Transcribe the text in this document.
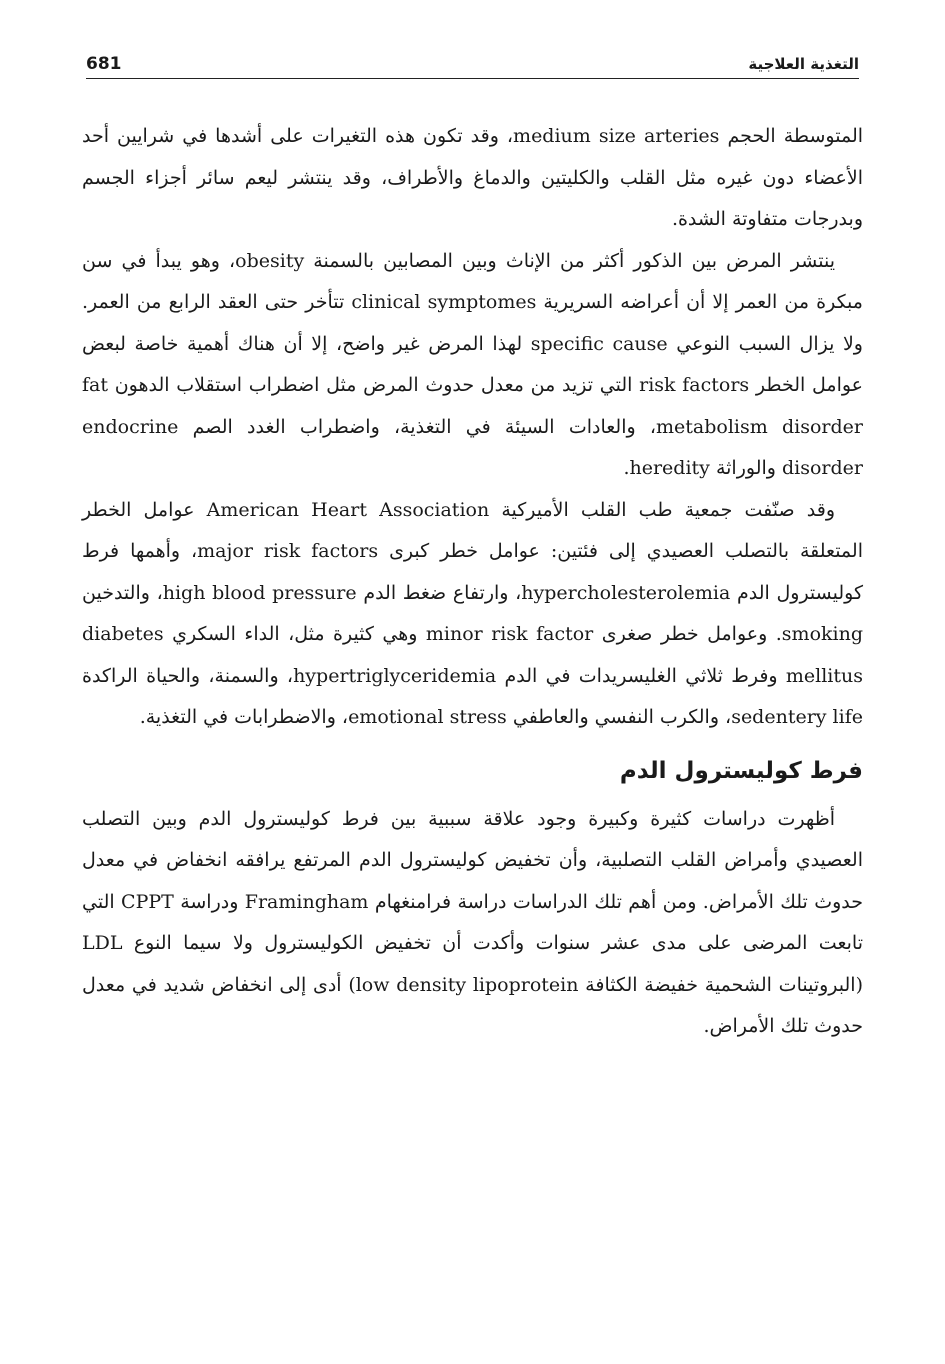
681	التغذية العلاجية

المتوسطة الحجم medium size arteries، وقد تكون هذه التغيرات على أشدها في شرايين أحد الأعضاء دون غيره مثل القلب والكليتين والدماغ والأطراف، وقد ينتشر ليعم سائر أجزاء الجسم وبدرجات متفاوتة الشدة.

ينتشر المرض بين الذكور أكثر من الإناث وبين المصابين بالسمنة obesity، وهو يبدأ في سن مبكرة من العمر إلا أن أعراضه السريرية clinical symptomes تتأخر حتى العقد الرابع من العمر. ولا يزال السبب النوعي specific cause لهذا المرض غير واضح، إلا أن هناك أهمية خاصة لبعض عوامل الخطر risk factors التي تزيد من معدل حدوث المرض مثل اضطراب استقلاب الدهون fat metabolism disorder، والعادات السيئة في التغذية، واضطراب الغدد الصم endocrine disorder والوراثة heredity.

وقد صنّفت جمعية طب القلب الأميركية American Heart Association عوامل الخطر المتعلقة بالتصلب العصيدي إلى فئتين: عوامل خطر كبرى major risk factors، وأهمها فرط كوليسترول الدم hypercholesterolemia، وارتفاع ضغط الدم high blood pressure، والتدخين smoking. وعوامل خطر صغرى minor risk factor وهي كثيرة مثل، الداء السكري diabetes mellitus وفرط ثلاثي الغليسريدات في الدم hypertriglyceridemia، والسمنة، والحياة الراكدة sedentery life، والكرب النفسي والعاطفي emotional stress، والاضطرابات في التغذية.

فرط كوليسترول الدم

أظهرت دراسات كثيرة وكبيرة وجود علاقة سببية بين فرط كوليسترول الدم وبين التصلب العصيدي وأمراض القلب التصلبية، وأن تخفيض كوليسترول الدم المرتفع يرافقه انخفاض في معدل حدوث تلك الأمراض. ومن أهم تلك الدراسات دراسة فرامنغهام Framingham ودراسة CPPT التي تابعت المرضى على مدى عشر سنوات وأكدت أن تخفيض الكوليسترول ولا سيما النوع LDL (البروتينات الشحمية خفيضة الكثافة low density lipoprotein) أدى إلى انخفاض شديد في معدل حدوث تلك الأمراض.
